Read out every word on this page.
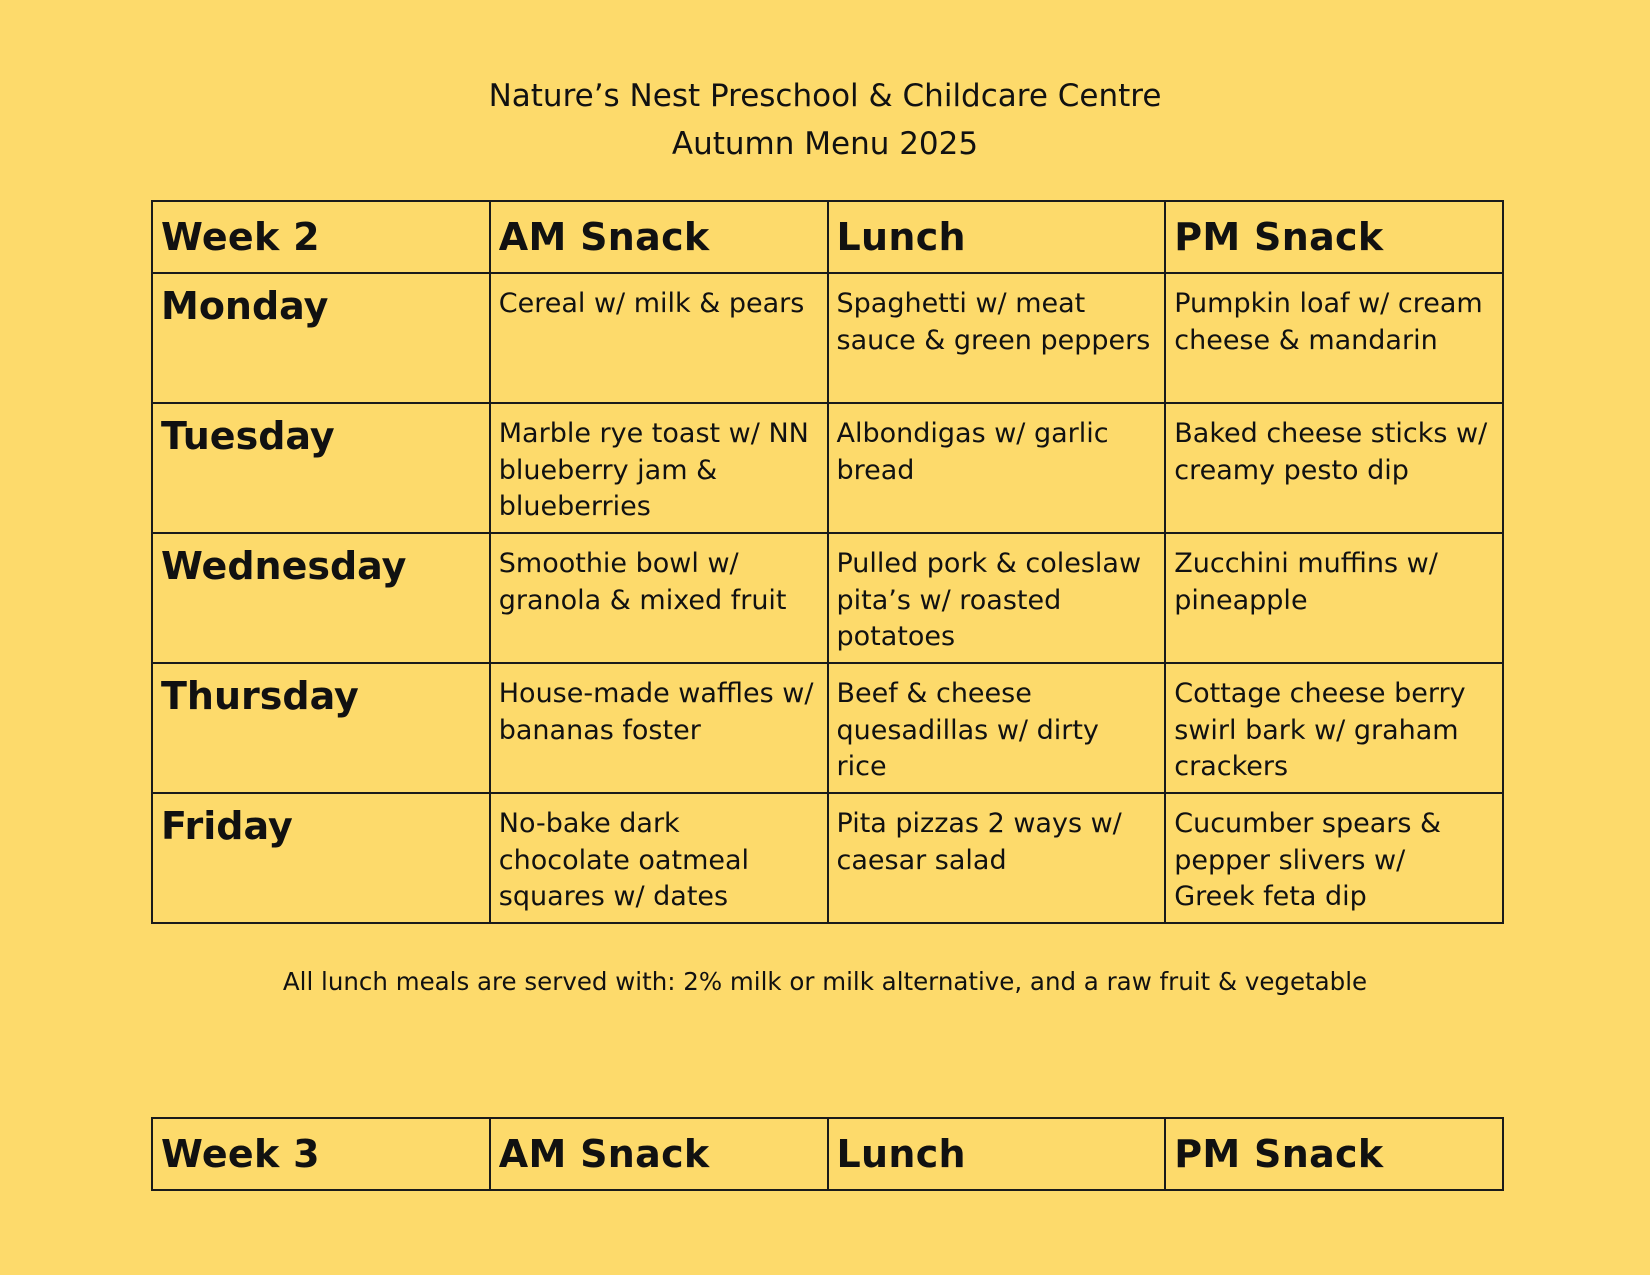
Nature’s Nest Preschool & Childcare Centre
Autumn Menu 2025
Week 2	AM Snack	Lunch	PM Snack
Monday	Cereal w/ milk & pears	Spaghetti w/ meat sauce & green peppers	Pumpkin loaf w/ cream cheese & mandarin
Tuesday	Marble rye toast w/ NN blueberry jam & blueberries	Albondigas w/ garlic bread	Baked cheese sticks w/ creamy pesto dip
Wednesday	Smoothie bowl w/ granola & mixed fruit	Pulled pork & coleslaw pita’s w/ roasted potatoes	Zucchini muffins w/ pineapple
Thursday	House-made waffles w/ bananas foster	Beef & cheese quesadillas w/ dirty rice	Cottage cheese berry swirl bark w/ graham crackers
Friday	No-bake dark chocolate oatmeal squares w/ dates	Pita pizzas 2 ways w/ caesar salad	Cucumber spears & pepper slivers w/ Greek feta dip
All lunch meals are served with: 2% milk or milk alternative, and a raw fruit & vegetable
Week 3	AM Snack	Lunch	PM Snack
